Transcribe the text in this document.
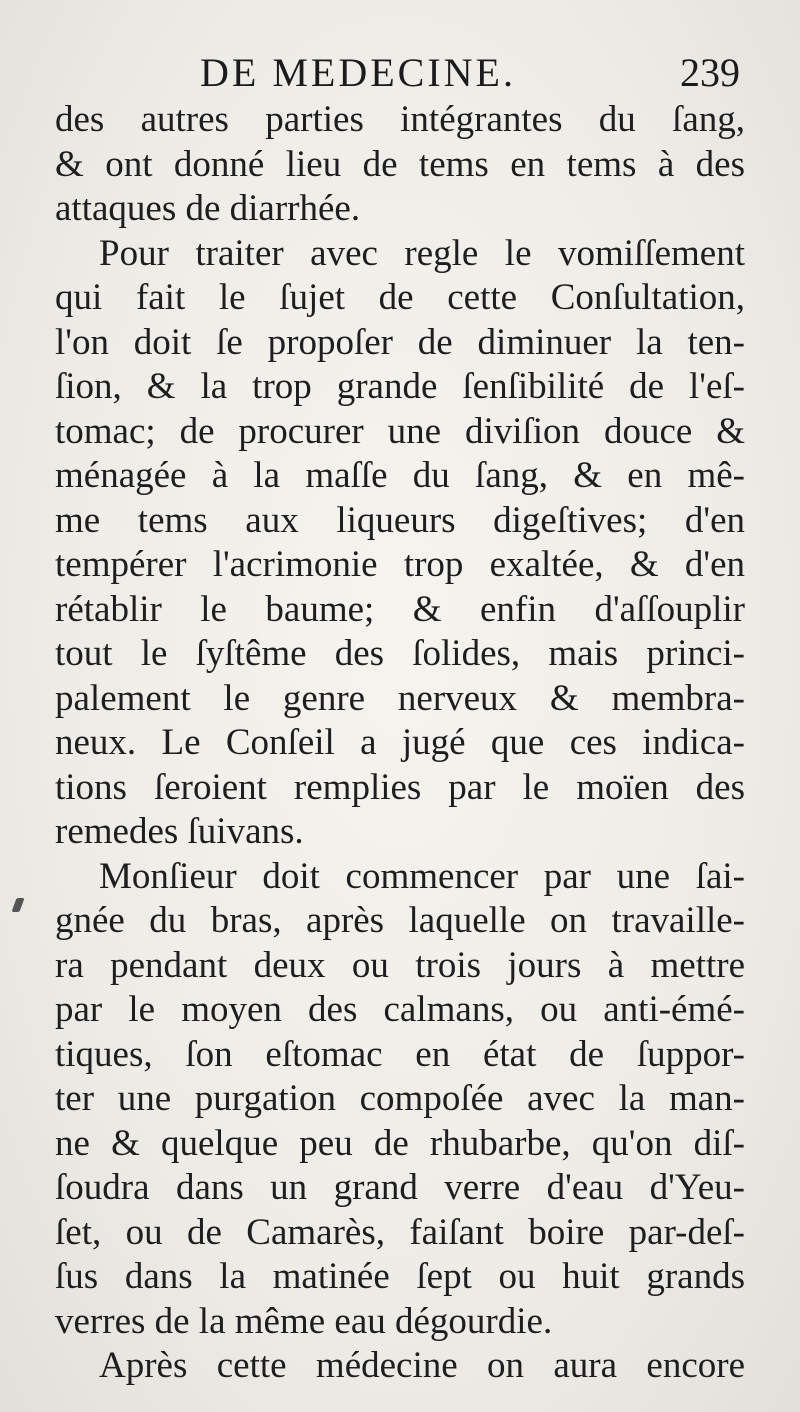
DE MEDECINE.	239
des autres parties intégrantes du ſang,
& ont donné lieu de tems en tems à des
attaques de diarrhée.
Pour traiter avec regle le vomiſſement
qui fait le ſujet de cette Conſultation,
l'on doit ſe propoſer de diminuer la ten-
ſion, & la trop grande ſenſibilité de l'eſ-
tomac; de procurer une diviſion douce &
ménagée à la maſſe du ſang, & en mê-
me tems aux liqueurs digeſtives; d'en
tempérer l'acrimonie trop exaltée, & d'en
rétablir le baume; & enfin d'aſſouplir
tout le ſyſtême des ſolides, mais princi-
palement le genre nerveux & membra-
neux. Le Conſeil a jugé que ces indica-
tions ſeroient remplies par le moïen des
remedes ſuivans.
Monſieur doit commencer par une ſai-
gnée du bras, après laquelle on travaille-
ra pendant deux ou trois jours à mettre
par le moyen des calmans, ou anti-émé-
tiques, ſon eſtomac en état de ſuppor-
ter une purgation compoſée avec la man-
ne & quelque peu de rhubarbe, qu'on diſ-
ſoudra dans un grand verre d'eau d'Yeu-
ſet, ou de Camarès, faiſant boire par-deſ-
ſus dans la matinée ſept ou huit grands
verres de la même eau dégourdie.
Après cette médecine on aura encore
